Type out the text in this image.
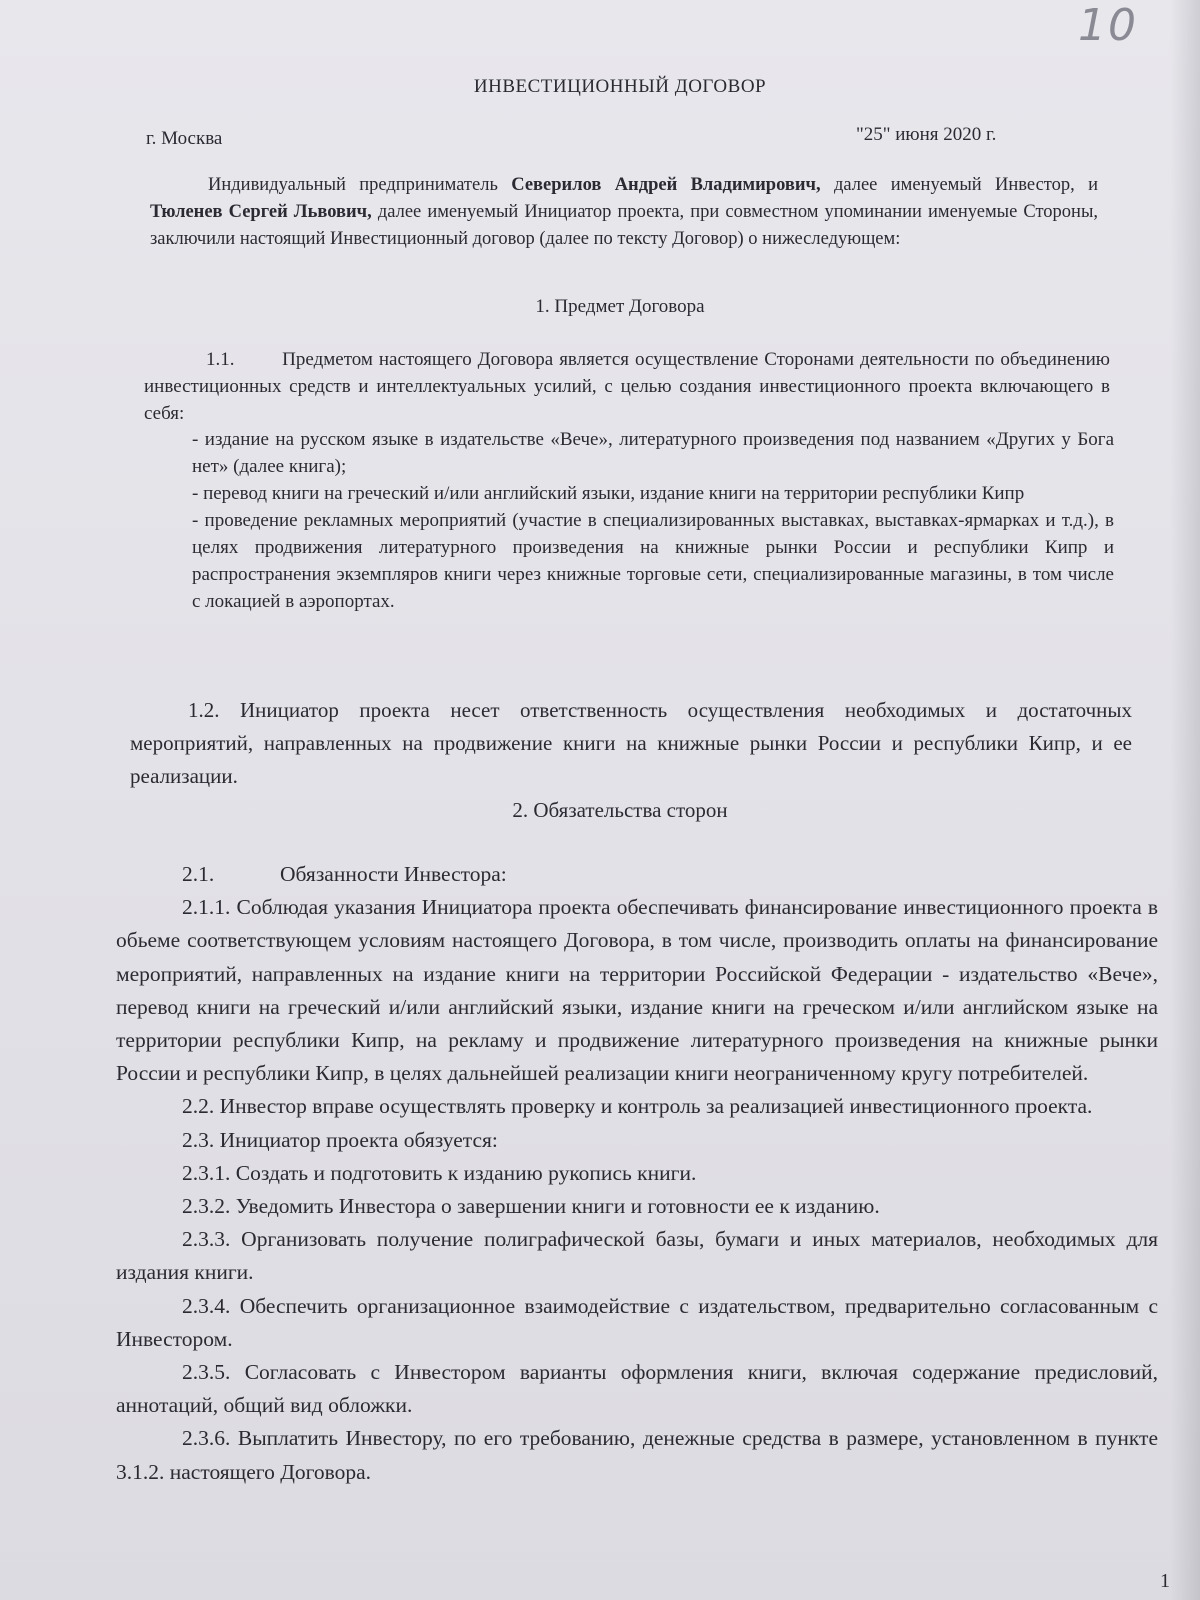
10
ИНВЕСТИЦИОННЫЙ ДОГОВОР
г. Москва	"25" июня 2020 г.
Индивидуальный предприниматель Северилов Андрей Владимирович, далее именуемый Инвестор, и Тюленев Сергей Львович, далее именуемый Инициатор проекта, при совместном упоминании именуемые Стороны, заключили настоящий Инвестиционный договор (далее по тексту Договор) о нижеследующем:
1. Предмет Договора
1.1.	Предметом настоящего Договора является осуществление Сторонами деятельности по объединению инвестиционных средств и интеллектуальных усилий, с целью создания инвестиционного проекта включающего в себя:
- издание на русском языке в издательстве «Вече», литературного произведения под названием «Других у Бога нет» (далее книга);
- перевод книги на греческий и/или английский языки, издание книги на территории республики Кипр
- проведение рекламных мероприятий (участие в специализированных выставках, выставках-ярмарках и т.д.), в целях продвижения литературного произведения на книжные рынки России и республики Кипр и распространения экземпляров книги через книжные торговые сети, специализированные магазины, в том числе с локацией в аэропортах.
1.2. Инициатор проекта несет ответственность осуществления необходимых и достаточных мероприятий, направленных на продвижение книги на книжные рынки России и республики Кипр, и ее реализации.
2. Обязательства сторон

2.1.	Обязанности Инвестора:

2.1.1. Соблюдая указания Инициатора проекта обеспечивать финансирование инвестиционного проекта в обьеме соответствующем условиям настоящего Договора, в том числе, производить оплаты на финансирование мероприятий, направленных на издание книги на территории Российской Федерации - издательство «Вече», перевод книги на греческий и/или английский языки, издание книги на греческом и/или английском языке на территории республики Кипр, на рекламу и продвижение литературного произведения на книжные рынки России и республики Кипр, в целях дальнейшей реализации книги неограниченному кругу потребителей.

2.2. Инвестор вправе осуществлять проверку и контроль за реализацией инвестиционного проекта.

2.3. Инициатор проекта обязуется:

2.3.1. Создать и подготовить к изданию рукопись книги.

2.3.2. Уведомить Инвестора о завершении книги и готовности ее к изданию.

2.3.3. Организовать получение полиграфической базы, бумаги и иных материалов, необходимых для издания книги.

2.3.4. Обеспечить организационное взаимодействие с издательством, предварительно согласованным с Инвестором.

2.3.5. Согласовать с Инвестором варианты оформления книги, включая содержание предисловий, аннотаций, общий вид обложки.

2.3.6. Выплатить Инвестору, по его требованию, денежные средства в размере, установленном в пункте 3.1.2. настоящего Договора.

1
